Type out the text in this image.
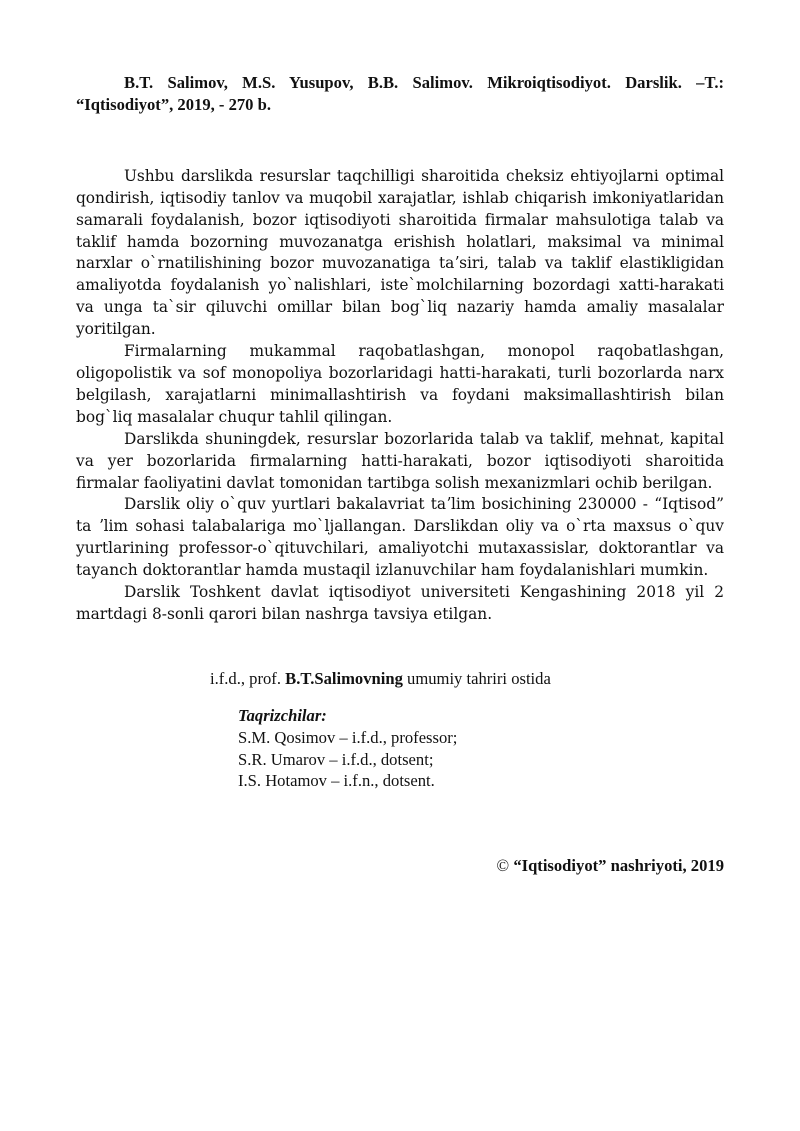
B.T. Salimov, M.S. Yusupov, B.B. Salimov. Mikroiqtisodiyot. Darslik. –T.: “Iqtisodiyot”, 2019, - 270 b.

Ushbu darslikda resurslar taqchilligi sharoitida cheksiz ehtiyojlarni optimal qondirish, iqtisodiy tanlov va muqobil xarajatlar, ishlab chiqarish imkoniyatlaridan samarali foydalanish, bozor iqtisodiyoti sharoitida firmalar mahsulotiga talab va taklif hamda bozorning muvozanatga erishish holatlari, maksimal va minimal narxlar o`rnatilishining bozor muvozanatiga taʼsiri, talab va taklif elastikligidan amaliyotda foydalanish yo`nalishlari, iste`molchilarning bozordagi xatti-harakati va unga ta`sir qiluvchi omillar bilan bog`liq nazariy hamda amaliy masalalar yoritilgan.

Firmalarning mukammal raqobatlashgan, monopol raqobatlashgan, oligopolistik va sof monopoliya bozorlaridagi hatti-harakati, turli bozorlarda narx belgilash, xarajatlarni minimallashtirish va foydani maksimallashtirish bilan bog`liq masalalar chuqur tahlil qilingan.

Darslikda shuningdek, resurslar bozorlarida talab va taklif, mehnat, kapital va yer bozorlarida firmalarning hatti-harakati, bozor iqtisodiyoti sharoitida firmalar faoliyatini davlat tomonidan tartibga solish mexanizmlari ochib berilgan.

Darslik oliy o`quv yurtlari bakalavriat taʼlim bosichining 230000 - “Iqtisod” ta ʼlim sohasi talabalariga mo`ljallangan. Darslikdan oliy va o`rta maxsus o`quv yurtlarining professor-o`qituvchilari, amaliyotchi mutaxassislar, doktorantlar va tayanch doktorantlar hamda mustaqil izlanuvchilar ham foydalanishlari mumkin.

Darslik Toshkent davlat iqtisodiyot universiteti Kengashining 2018 yil 2 martdagi 8-sonli qarori bilan nashrga tavsiya etilgan.

i.f.d., prof. B.T.Salimovning umumiy tahriri ostida
Taqrizchilar:
S.M. Qosimov – i.f.d., professor;
S.R. Umarov – i.f.d., dotsent;
I.S. Hotamov – i.f.n., dotsent.
© “Iqtisodiyot” nashriyoti, 2019
